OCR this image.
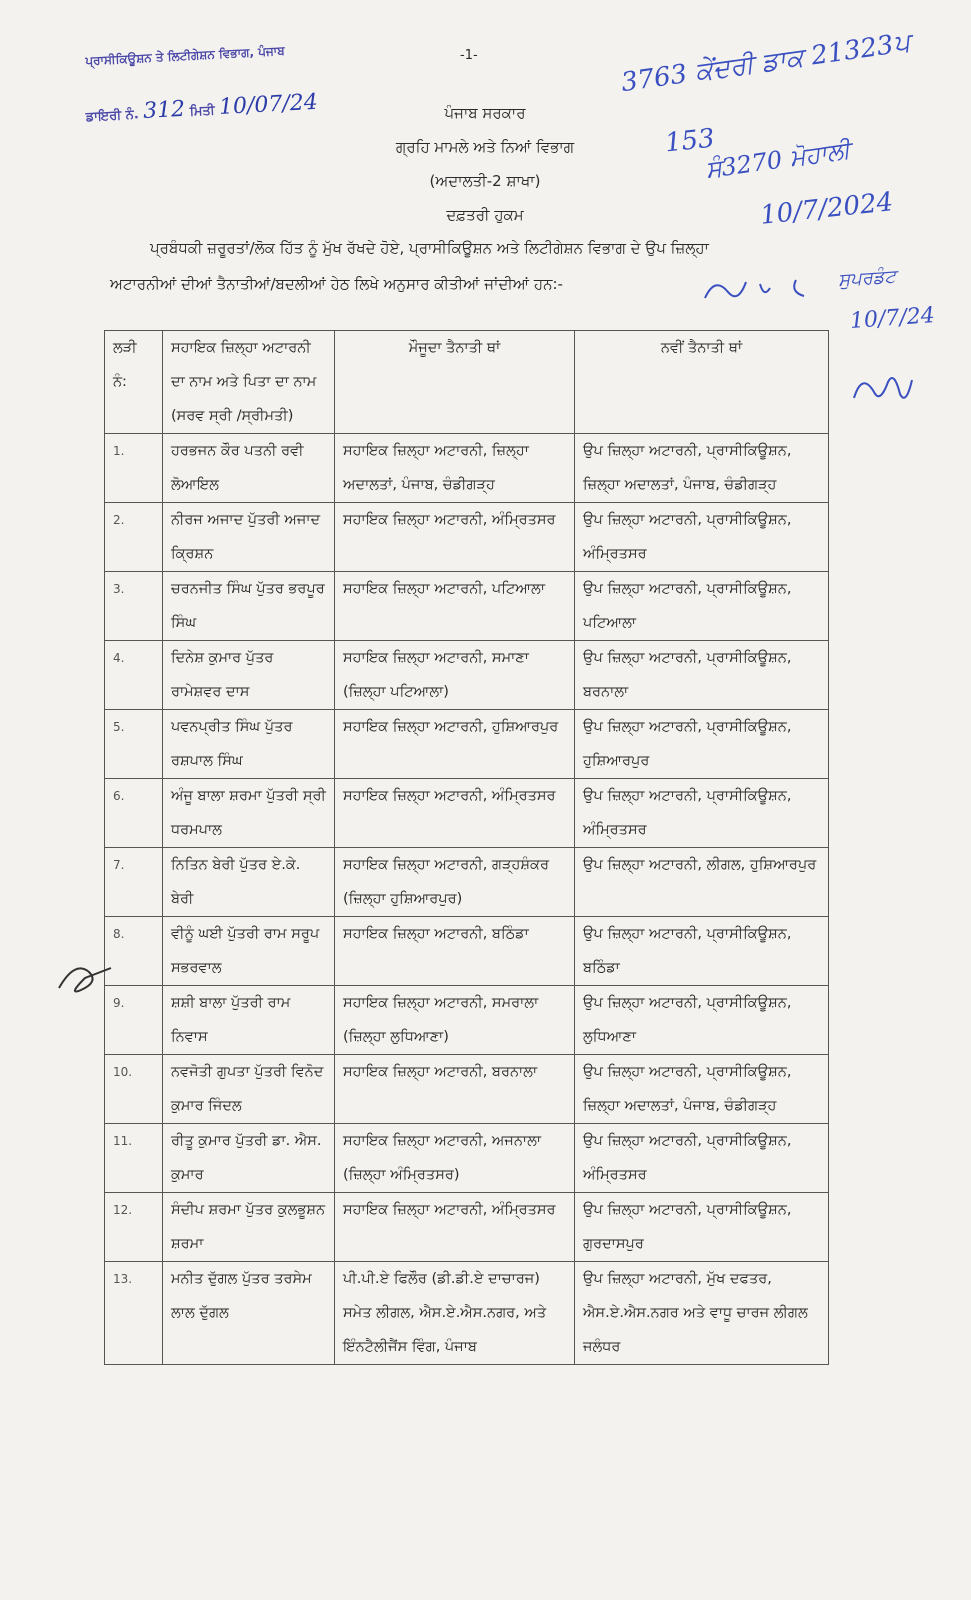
-1-
ਪ੍ਰਾਸੀਕਿਊਸ਼ਨ ਤੇ ਲਿਟੀਗੇਸ਼ਨ ਵਿਭਾਗ, ਪੰਜਾਬ
ਡਾਇਰੀ ਨੰ. 312 ਮਿਤੀ 10/07/24
3763 ਕੇਂਦਰੀ ਡਾਕ 21323ਪ
153
ਸੰ3270 ਮੋਹਾਲੀ
10/7/2024
ਸੁਪਰਡੰਟ
10/7/24
ਪੰਜਾਬ ਸਰਕਾਰ
ਗ੍ਰਹਿ ਮਾਮਲੇ ਅਤੇ ਨਿਆਂ ਵਿਭਾਗ
(ਅਦਾਲਤੀ-2 ਸ਼ਾਖਾ)
ਦਫ਼ਤਰੀ ਹੁਕਮ
ਪ੍ਰਬੰਧਕੀ ਜ਼ਰੂਰਤਾਂ/ਲੋਕ ਹਿੱਤ ਨੂੰ ਮੁੱਖ ਰੱਖਦੇ ਹੋਏ, ਪ੍ਰਾਸੀਕਿਊਸ਼ਨ ਅਤੇ ਲਿਟੀਗੇਸ਼ਨ ਵਿਭਾਗ ਦੇ ਉਪ ਜ਼ਿਲ੍ਹਾ
ਅਟਾਰਨੀਆਂ ਦੀਆਂ ਤੈਨਾਤੀਆਂ/ਬਦਲੀਆਂ ਹੇਠ ਲਿਖੇ ਅਨੁਸਾਰ ਕੀਤੀਆਂ ਜਾਂਦੀਆਂ ਹਨ:-
ਲੜੀ ਨੰ:	ਸਹਾਇਕ ਜ਼ਿਲ੍ਹਾ ਅਟਾਰਨੀ ਦਾ ਨਾਮ ਅਤੇ ਪਿਤਾ ਦਾ ਨਾਮ (ਸਰਵ ਸ੍ਰੀ /ਸ੍ਰੀਮਤੀ)	ਮੌਜੂਦਾ ਤੈਨਾਤੀ ਥਾਂ	ਨਵੀਂ ਤੈਨਾਤੀ ਥਾਂ
1.	ਹਰਭਜਨ ਕੌਰ ਪਤਨੀ ਰਵੀ ਲੋਆਇਲ	ਸਹਾਇਕ ਜ਼ਿਲ੍ਹਾ ਅਟਾਰਨੀ, ਜ਼ਿਲ੍ਹਾ ਅਦਾਲਤਾਂ, ਪੰਜਾਬ, ਚੰਡੀਗੜ੍ਹ	ਉਪ ਜ਼ਿਲ੍ਹਾ ਅਟਾਰਨੀ, ਪ੍ਰਾਸੀਕਿਊਸ਼ਨ, ਜ਼ਿਲ੍ਹਾ ਅਦਾਲਤਾਂ, ਪੰਜਾਬ, ਚੰਡੀਗੜ੍ਹ
2.	ਨੀਰਜ ਅਜਾਦ ਪੁੱਤਰੀ ਅਜਾਦ ਕ੍ਰਿਸ਼ਨ	ਸਹਾਇਕ ਜ਼ਿਲ੍ਹਾ ਅਟਾਰਨੀ, ਅੰਮ੍ਰਿਤਸਰ	ਉਪ ਜ਼ਿਲ੍ਹਾ ਅਟਾਰਨੀ, ਪ੍ਰਾਸੀਕਿਊਸ਼ਨ, ਅੰਮ੍ਰਿਤਸਰ
3.	ਚਰਨਜੀਤ ਸਿੰਘ ਪੁੱਤਰ ਭਰਪੂਰ ਸਿੰਘ	ਸਹਾਇਕ ਜ਼ਿਲ੍ਹਾ ਅਟਾਰਨੀ, ਪਟਿਆਲਾ	ਉਪ ਜ਼ਿਲ੍ਹਾ ਅਟਾਰਨੀ, ਪ੍ਰਾਸੀਕਿਊਸ਼ਨ, ਪਟਿਆਲਾ
4.	ਦਿਨੇਸ਼ ਕੁਮਾਰ ਪੁੱਤਰ ਰਾਮੇਸ਼ਵਰ ਦਾਸ	ਸਹਾਇਕ ਜ਼ਿਲ੍ਹਾ ਅਟਾਰਨੀ, ਸਮਾਣਾ (ਜ਼ਿਲ੍ਹਾ ਪਟਿਆਲਾ)	ਉਪ ਜ਼ਿਲ੍ਹਾ ਅਟਾਰਨੀ, ਪ੍ਰਾਸੀਕਿਊਸ਼ਨ, ਬਰਨਾਲਾ
5.	ਪਵਨਪ੍ਰੀਤ ਸਿੰਘ ਪੁੱਤਰ ਰਸ਼ਪਾਲ ਸਿੰਘ	ਸਹਾਇਕ ਜ਼ਿਲ੍ਹਾ ਅਟਾਰਨੀ, ਹੁਸ਼ਿਆਰਪੁਰ	ਉਪ ਜ਼ਿਲ੍ਹਾ ਅਟਾਰਨੀ, ਪ੍ਰਾਸੀਕਿਊਸ਼ਨ, ਹੁਸ਼ਿਆਰਪੁਰ
6.	ਅੰਜੂ ਬਾਲਾ ਸ਼ਰਮਾ ਪੁੱਤਰੀ ਸ੍ਰੀ ਧਰਮਪਾਲ	ਸਹਾਇਕ ਜ਼ਿਲ੍ਹਾ ਅਟਾਰਨੀ, ਅੰਮ੍ਰਿਤਸਰ	ਉਪ ਜ਼ਿਲ੍ਹਾ ਅਟਾਰਨੀ, ਪ੍ਰਾਸੀਕਿਊਸ਼ਨ, ਅੰਮ੍ਰਿਤਸਰ
7.	ਨਿਤਿਨ ਬੇਰੀ ਪੁੱਤਰ ਏ.ਕੇ. ਬੇਰੀ	ਸਹਾਇਕ ਜ਼ਿਲ੍ਹਾ ਅਟਾਰਨੀ, ਗੜ੍ਹਸ਼ੰਕਰ (ਜ਼ਿਲ੍ਹਾ ਹੁਸ਼ਿਆਰਪੁਰ)	ਉਪ ਜ਼ਿਲ੍ਹਾ ਅਟਾਰਨੀ, ਲੀਗਲ, ਹੁਸ਼ਿਆਰਪੁਰ
8.	ਵੀਨੂੰ ਘਈ ਪੁੱਤਰੀ ਰਾਮ ਸਰੂਪ ਸਭਰਵਾਲ	ਸਹਾਇਕ ਜ਼ਿਲ੍ਹਾ ਅਟਾਰਨੀ, ਬਠਿੰਡਾ	ਉਪ ਜ਼ਿਲ੍ਹਾ ਅਟਾਰਨੀ, ਪ੍ਰਾਸੀਕਿਊਸ਼ਨ, ਬਠਿੰਡਾ
9.	ਸ਼ਸ਼ੀ ਬਾਲਾ ਪੁੱਤਰੀ ਰਾਮ ਨਿਵਾਸ	ਸਹਾਇਕ ਜ਼ਿਲ੍ਹਾ ਅਟਾਰਨੀ, ਸਮਰਾਲਾ (ਜ਼ਿਲ੍ਹਾ ਲੁਧਿਆਣਾ)	ਉਪ ਜ਼ਿਲ੍ਹਾ ਅਟਾਰਨੀ, ਪ੍ਰਾਸੀਕਿਊਸ਼ਨ, ਲੁਧਿਆਣਾ
10.	ਨਵਜੋਤੀ ਗੁਪਤਾ ਪੁੱਤਰੀ ਵਿਨੋਦ ਕੁਮਾਰ ਜਿੰਦਲ	ਸਹਾਇਕ ਜ਼ਿਲ੍ਹਾ ਅਟਾਰਨੀ, ਬਰਨਾਲਾ	ਉਪ ਜ਼ਿਲ੍ਹਾ ਅਟਾਰਨੀ, ਪ੍ਰਾਸੀਕਿਊਸ਼ਨ, ਜ਼ਿਲ੍ਹਾ ਅਦਾਲਤਾਂ, ਪੰਜਾਬ, ਚੰਡੀਗੜ੍ਹ
11.	ਰੀਤੂ ਕੁਮਾਰ ਪੁੱਤਰੀ ਡਾ. ਐਸ. ਕੁਮਾਰ	ਸਹਾਇਕ ਜ਼ਿਲ੍ਹਾ ਅਟਾਰਨੀ, ਅਜਨਾਲਾ (ਜ਼ਿਲ੍ਹਾ ਅੰਮ੍ਰਿਤਸਰ)	ਉਪ ਜ਼ਿਲ੍ਹਾ ਅਟਾਰਨੀ, ਪ੍ਰਾਸੀਕਿਊਸ਼ਨ, ਅੰਮ੍ਰਿਤਸਰ
12.	ਸੰਦੀਪ ਸ਼ਰਮਾ ਪੁੱਤਰ ਕੁਲਭੂਸ਼ਨ ਸ਼ਰਮਾ	ਸਹਾਇਕ ਜ਼ਿਲ੍ਹਾ ਅਟਾਰਨੀ, ਅੰਮ੍ਰਿਤਸਰ	ਉਪ ਜ਼ਿਲ੍ਹਾ ਅਟਾਰਨੀ, ਪ੍ਰਾਸੀਕਿਊਸ਼ਨ, ਗੁਰਦਾਸਪੁਰ
13.	ਮਨੀਤ ਦੁੱਗਲ ਪੁੱਤਰ ਤਰਸੇਮ ਲਾਲ ਦੁੱਗਲ	ਪੀ.ਪੀ.ਏ ਫਿਲੌਰ (ਡੀ.ਡੀ.ਏ ਦਾਚਾਰਜ) ਸਮੇਤ ਲੀਗਲ, ਐਸ.ਏ.ਐਸ.ਨਗਰ, ਅਤੇ ਇੰਨਟੈਲੀਜੈਂਸ ਵਿੰਗ, ਪੰਜਾਬ	ਉਪ ਜ਼ਿਲ੍ਹਾ ਅਟਾਰਨੀ, ਮੁੱਖ ਦਫਤਰ, ਐਸ.ਏ.ਐਸ.ਨਗਰ ਅਤੇ ਵਾਧੂ ਚਾਰਜ ਲੀਗਲ ਜਲੰਧਰ
